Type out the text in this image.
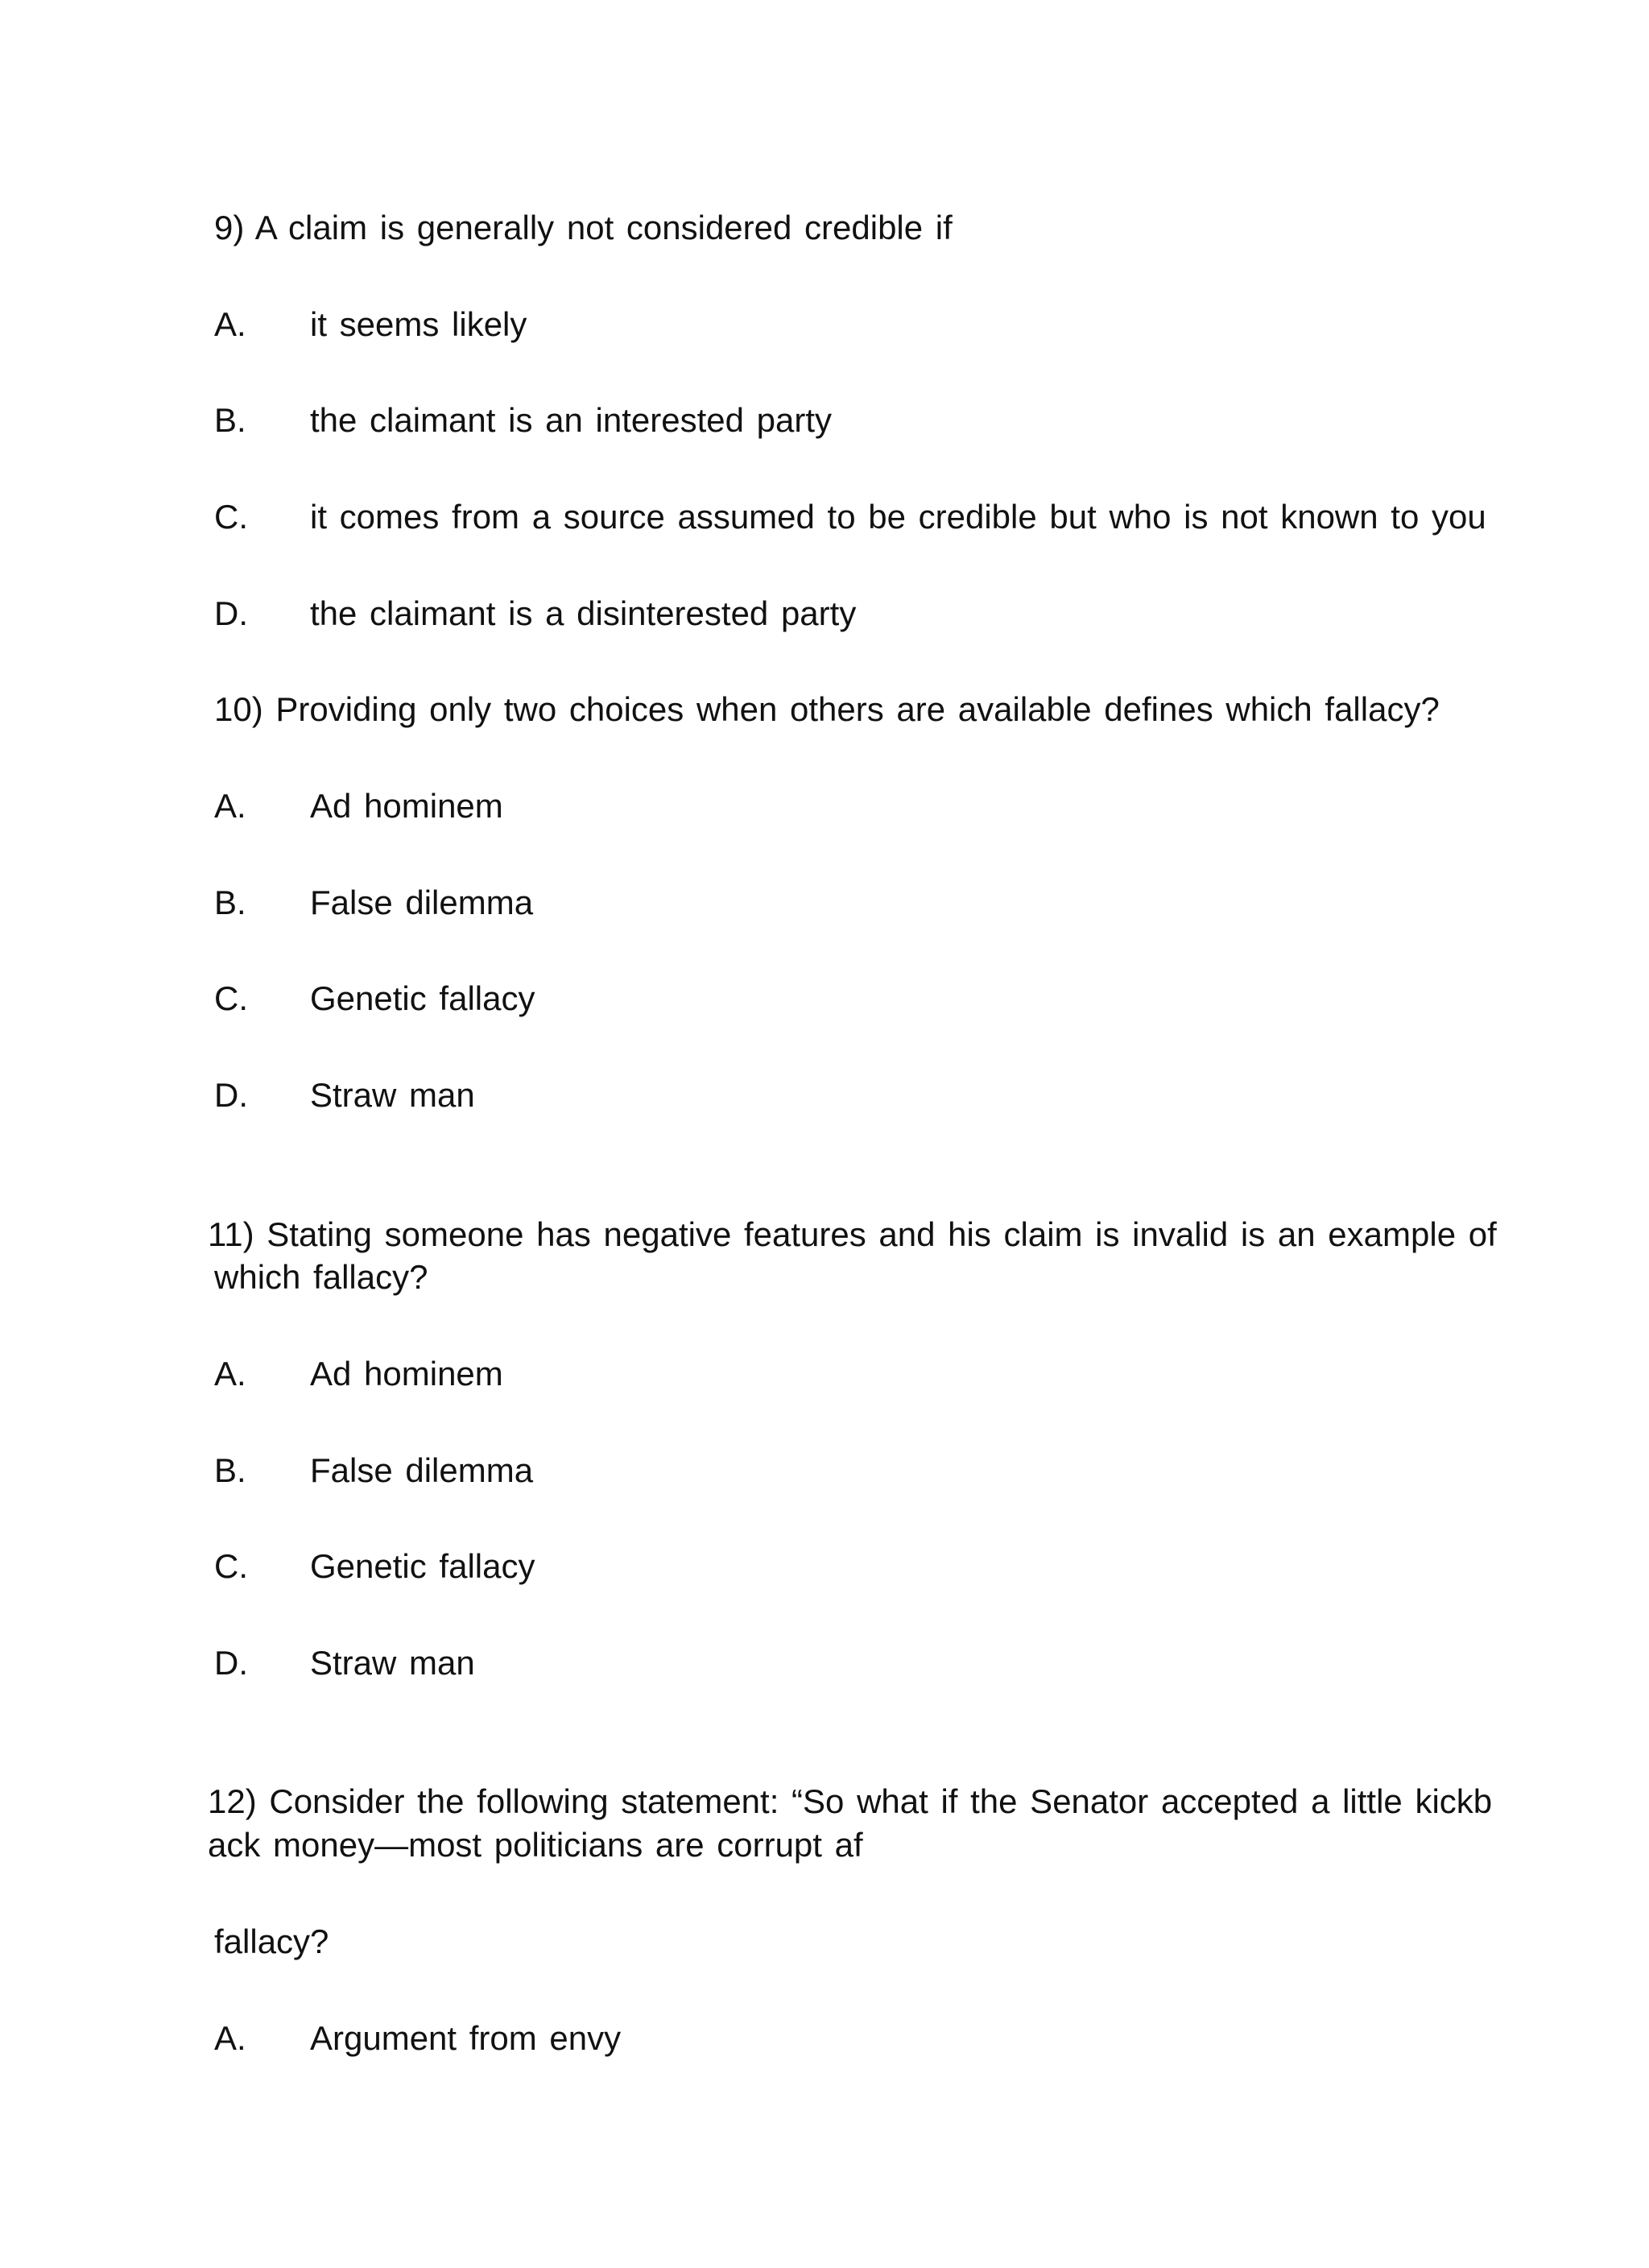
9) A claim is generally not considered credible if
A. it seems likely
B. the claimant is an interested party
C. it comes from a source assumed to be credible but who is not known to you
D. the claimant is a disinterested party
10) Providing only two choices when others are available defines which fallacy?
A. Ad hominem
B. False dilemma
C. Genetic fallacy
D. Straw man
11) Stating someone has negative features and his claim is invalid is an example of
which fallacy?
A. Ad hominem
B. False dilemma
C. Genetic fallacy
D. Straw man
12) Consider the following statement: “So what if the Senator accepted a little kickb
ack money—most politicians are corrupt af
fallacy?
A. Argument from envy
